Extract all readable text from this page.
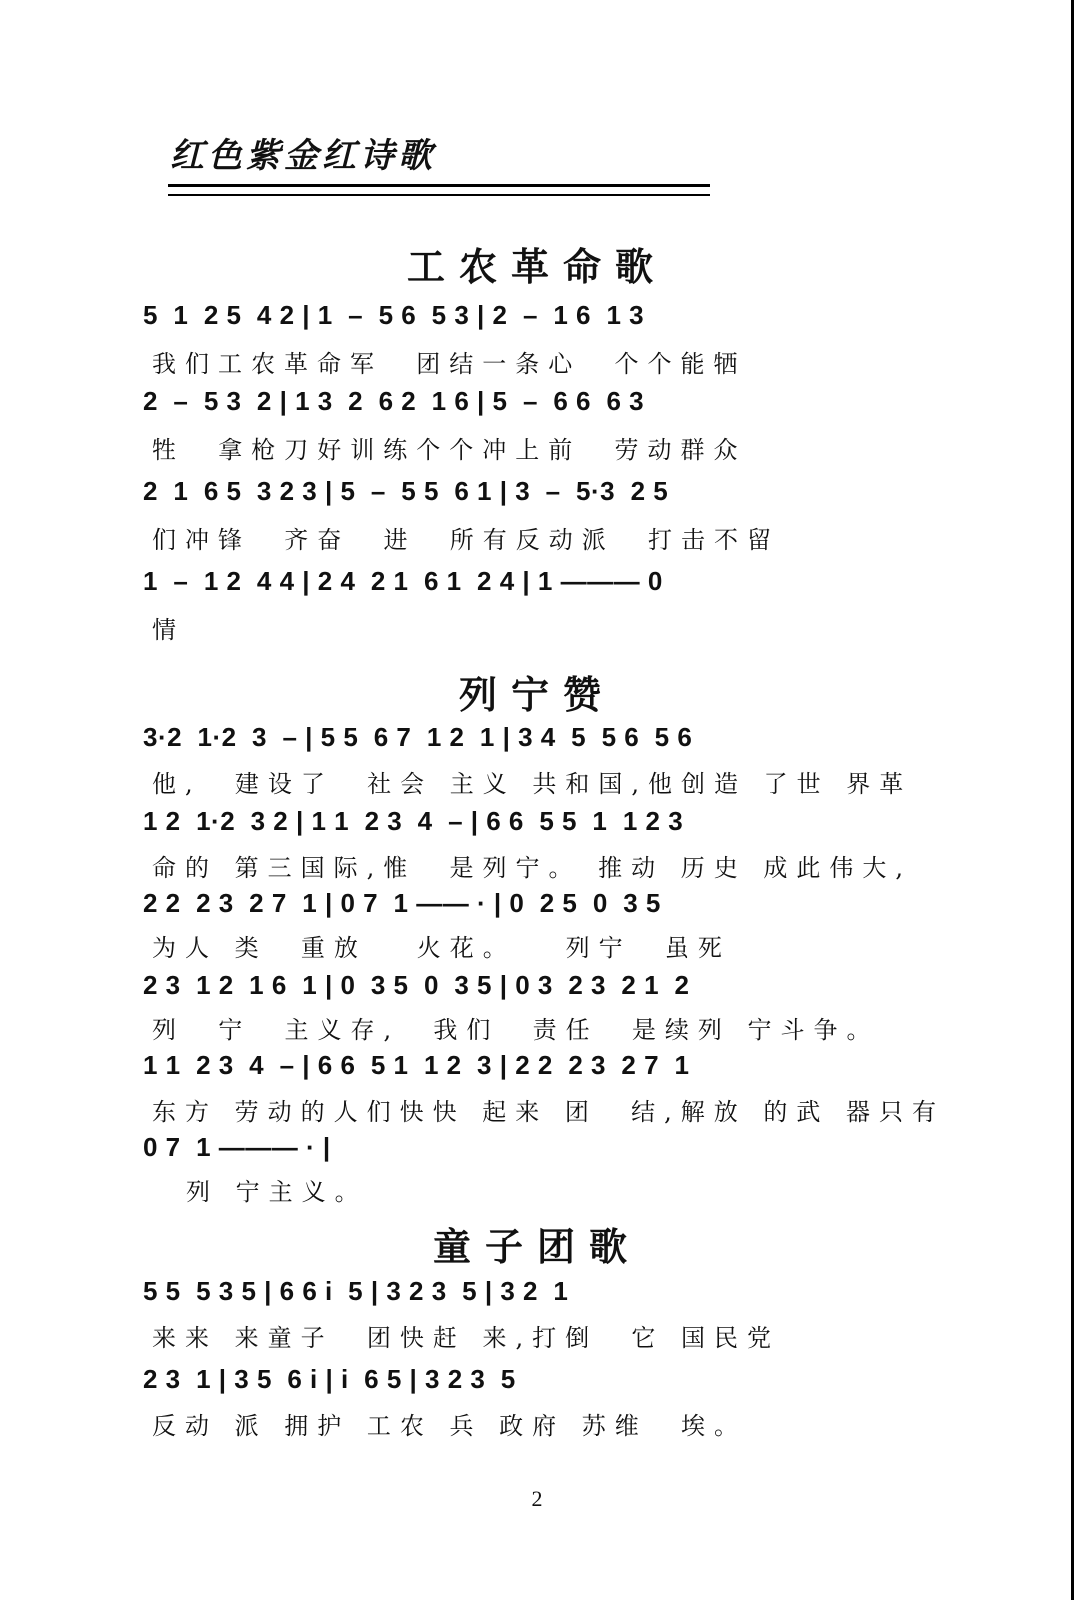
红色紫金红诗歌
工农革命歌
5  1  2 5  4 2 | 1  –  5 6  5 3 | 2  –  1 6  1 3
我们工农革命军  团结一条心  个个能牺
2  –  5 3  2 | 1 3  2  6 2  1 6 | 5  –  6 6  6 3
牲  拿枪刀好训练个个冲上前  劳动群众
2  1  6 5  3 2 3 | 5  –  5 5  6 1 | 3  –  5·3  2 5
们冲锋  齐奋  进  所有反动派  打击不留
1  –  1 2  4 4 | 2 4  2 1  6 1  2 4 | 1 ——— 0
情
列宁赞
3·2  1·2  3  – | 5 5  6 7  1 2  1 | 3 4  5  5 6  5 6
他,  建设了  社会 主义 共和国,他创造 了世 界革
1 2  1·2  3 2 | 1 1  2 3  4  – | 6 6  5 5  1  1 2 3
命的 第三国际,惟  是列宁。 推动 历史 成此伟大,
2 2  2 3  2 7  1 | 0 7  1 —— · | 0  2 5  0  3 5
为人 类  重放   火花。   列宁  虽死
2 3  1 2  1 6  1 | 0  3 5  0  3 5 | 0 3  2 3  2 1  2
列  宁  主义存,  我们  责任  是续列 宁斗争。
1 1  2 3  4  – | 6 6  5 1  1 2  3 | 2 2  2 3  2 7  1
东方 劳动的人们快快 起来 团  结,解放 的武 器只有
0 7  1 ——— · |
列 宁主义。
童子团歌
5 5  5 3 5 | 6 6 i  5 | 3 2 3  5 | 3 2  1
来来 来童子  团快赶 来,打倒  它 国民党
2 3  1 | 3 5  6 i | i  6 5 | 3 2 3  5
反动 派 拥护 工农 兵 政府 苏维  埃。
2
